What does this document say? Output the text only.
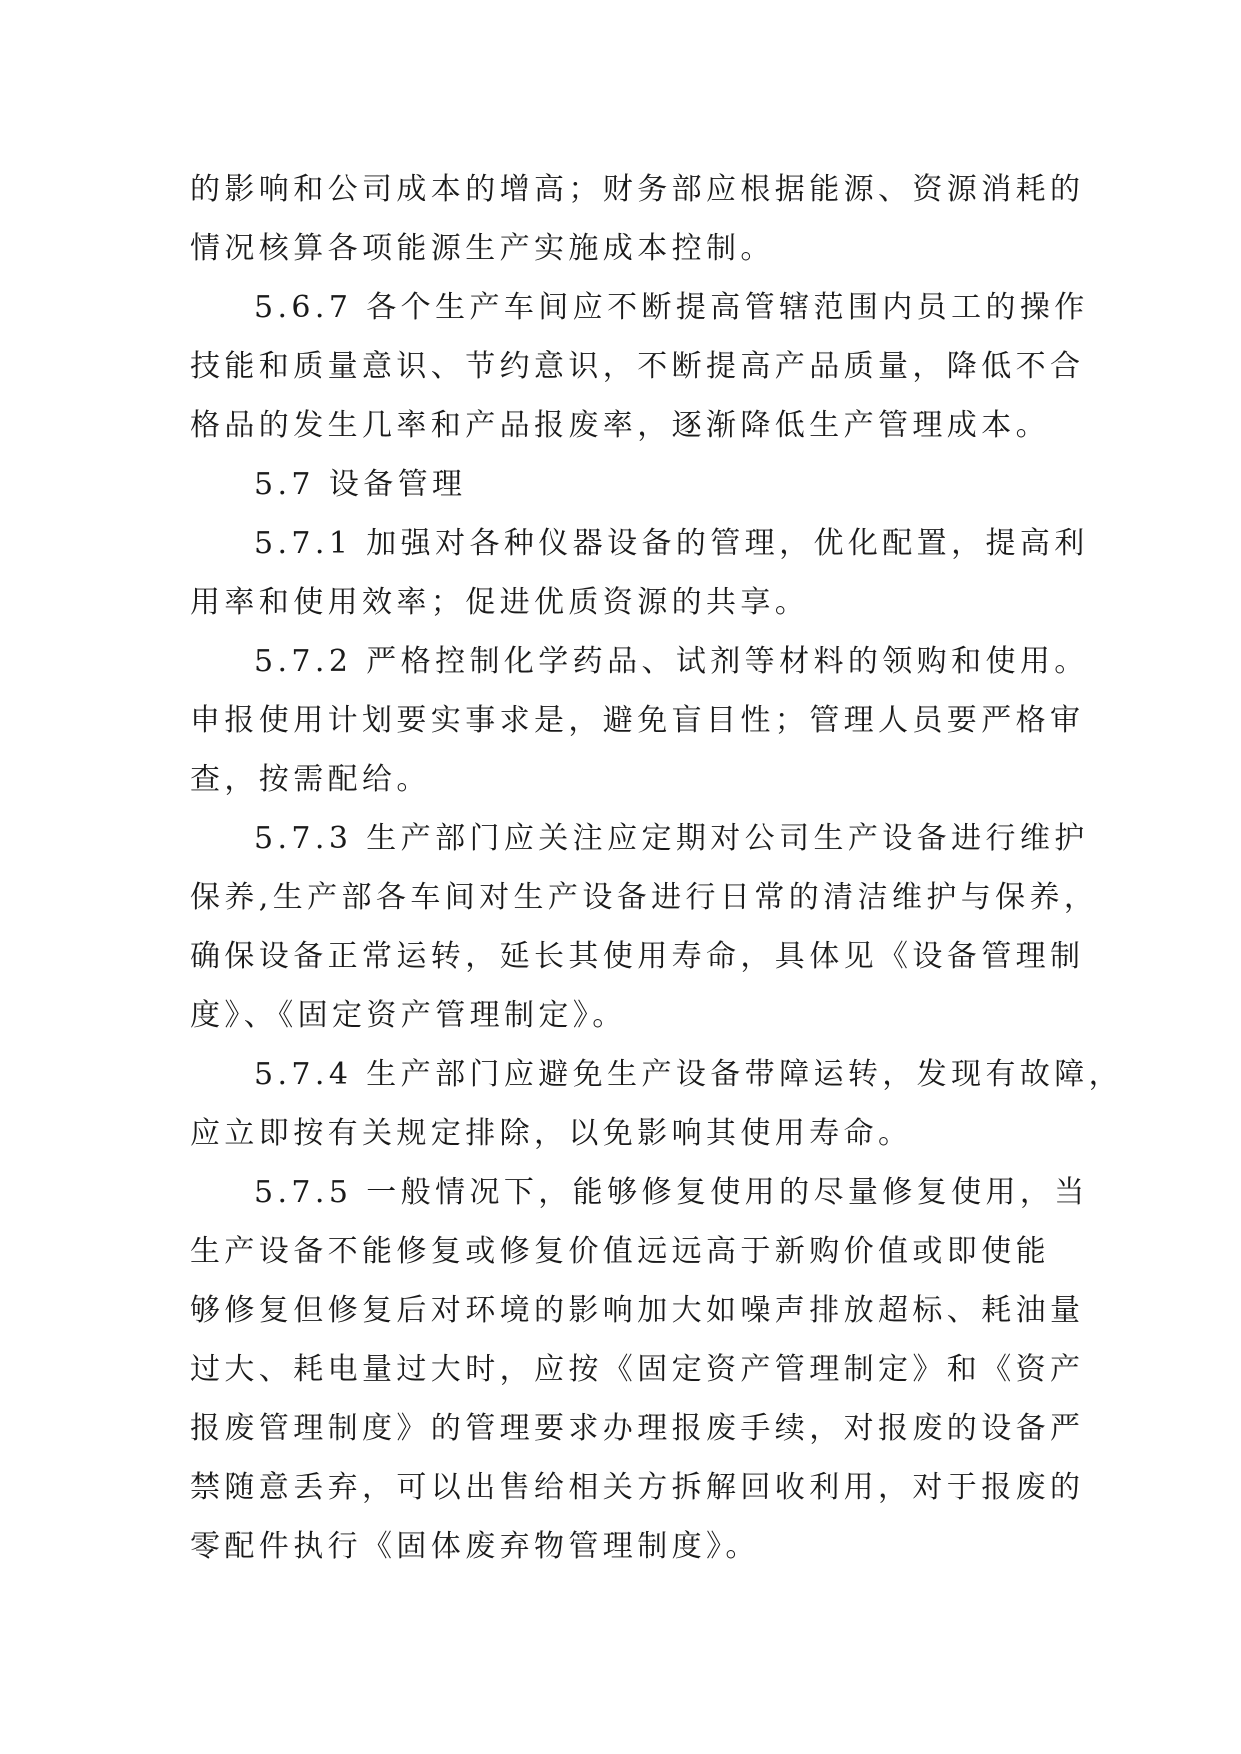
的影响和公司成本的增高；财务部应根据能源、资源消耗的
情况核算各项能源生产实施成本控制。
5.6.7 各个生产车间应不断提高管辖范围内员工的操作
技能和质量意识、节约意识，不断提高产品质量，降低不合
格品的发生几率和产品报废率，逐渐降低生产管理成本。
5.7 设备管理
5.7.1 加强对各种仪器设备的管理，优化配置，提高利
用率和使用效率；促进优质资源的共享。
5.7.2 严格控制化学药品、试剂等材料的领购和使用。
申报使用计划要实事求是，避免盲目性；管理人员要严格审
查，按需配给。
5.7.3 生产部门应关注应定期对公司生产设备进行维护
保养,生产部各车间对生产设备进行日常的清洁维护与保养，
确保设备正常运转，延长其使用寿命，具体见《设备管理制
度》、《固定资产管理制定》。
5.7.4 生产部门应避免生产设备带障运转，发现有故障，
应立即按有关规定排除，以免影响其使用寿命。
5.7.5 一般情况下，能够修复使用的尽量修复使用，当
生产设备不能修复或修复价值远远高于新购价值或即使能
够修复但修复后对环境的影响加大如噪声排放超标、耗油量
过大、耗电量过大时，应按《固定资产管理制定》和《资产
报废管理制度》的管理要求办理报废手续，对报废的设备严
禁随意丢弃，可以出售给相关方拆解回收利用，对于报废的
零配件执行《固体废弃物管理制度》。
